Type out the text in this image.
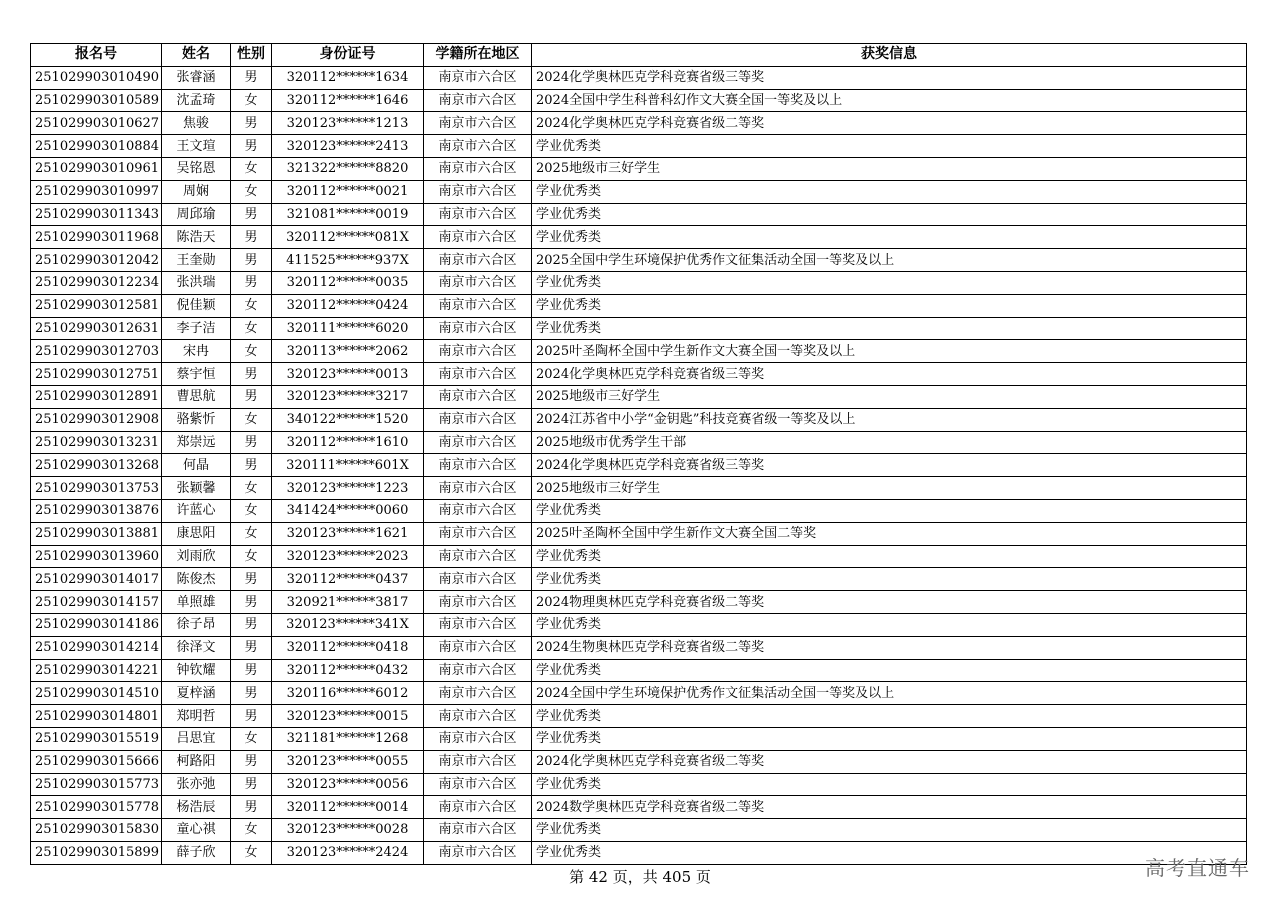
报名号	姓名	性别	身份证号	学籍所在地区	获奖信息
251029903010490	张睿涵	男	320112******1634	南京市六合区	2024化学奥林匹克学科竞赛省级三等奖
251029903010589	沈孟琦	女	320112******1646	南京市六合区	2024全国中学生科普科幻作文大赛全国一等奖及以上
251029903010627	焦骏	男	320123******1213	南京市六合区	2024化学奥林匹克学科竞赛省级二等奖
251029903010884	王文瑄	男	320123******2413	南京市六合区	学业优秀类
251029903010961	吴铭恩	女	321322******8820	南京市六合区	2025地级市三好学生
251029903010997	周娴	女	320112******0021	南京市六合区	学业优秀类
251029903011343	周邱瑜	男	321081******0019	南京市六合区	学业优秀类
251029903011968	陈浩天	男	320112******081X	南京市六合区	学业优秀类
251029903012042	王奎勋	男	411525******937X	南京市六合区	2025全国中学生环境保护优秀作文征集活动全国一等奖及以上
251029903012234	张洪瑞	男	320112******0035	南京市六合区	学业优秀类
251029903012581	倪佳颖	女	320112******0424	南京市六合区	学业优秀类
251029903012631	李子洁	女	320111******6020	南京市六合区	学业优秀类
251029903012703	宋冉	女	320113******2062	南京市六合区	2025叶圣陶杯全国中学生新作文大赛全国一等奖及以上
251029903012751	蔡宇恒	男	320123******0013	南京市六合区	2024化学奥林匹克学科竞赛省级三等奖
251029903012891	曹思航	男	320123******3217	南京市六合区	2025地级市三好学生
251029903012908	骆紫忻	女	340122******1520	南京市六合区	2024江苏省中小学“金钥匙”科技竞赛省级一等奖及以上
251029903013231	郑崇远	男	320112******1610	南京市六合区	2025地级市优秀学生干部
251029903013268	何晶	男	320111******601X	南京市六合区	2024化学奥林匹克学科竞赛省级三等奖
251029903013753	张颖馨	女	320123******1223	南京市六合区	2025地级市三好学生
251029903013876	许蓝心	女	341424******0060	南京市六合区	学业优秀类
251029903013881	康思阳	女	320123******1621	南京市六合区	2025叶圣陶杯全国中学生新作文大赛全国二等奖
251029903013960	刘雨欣	女	320123******2023	南京市六合区	学业优秀类
251029903014017	陈俊杰	男	320112******0437	南京市六合区	学业优秀类
251029903014157	单照雄	男	320921******3817	南京市六合区	2024物理奥林匹克学科竞赛省级二等奖
251029903014186	徐子昂	男	320123******341X	南京市六合区	学业优秀类
251029903014214	徐泽文	男	320112******0418	南京市六合区	2024生物奥林匹克学科竞赛省级二等奖
251029903014221	钟钦耀	男	320112******0432	南京市六合区	学业优秀类
251029903014510	夏梓涵	男	320116******6012	南京市六合区	2024全国中学生环境保护优秀作文征集活动全国一等奖及以上
251029903014801	郑明哲	男	320123******0015	南京市六合区	学业优秀类
251029903015519	吕思宜	女	321181******1268	南京市六合区	学业优秀类
251029903015666	柯路阳	男	320123******0055	南京市六合区	2024化学奥林匹克学科竞赛省级二等奖
251029903015773	张亦弛	男	320123******0056	南京市六合区	学业优秀类
251029903015778	杨浩辰	男	320112******0014	南京市六合区	2024数学奥林匹克学科竞赛省级二等奖
251029903015830	童心祺	女	320123******0028	南京市六合区	学业优秀类
251029903015899	薛子欣	女	320123******2424	南京市六合区	学业优秀类
第 42 页，共 405 页	高考直通车
